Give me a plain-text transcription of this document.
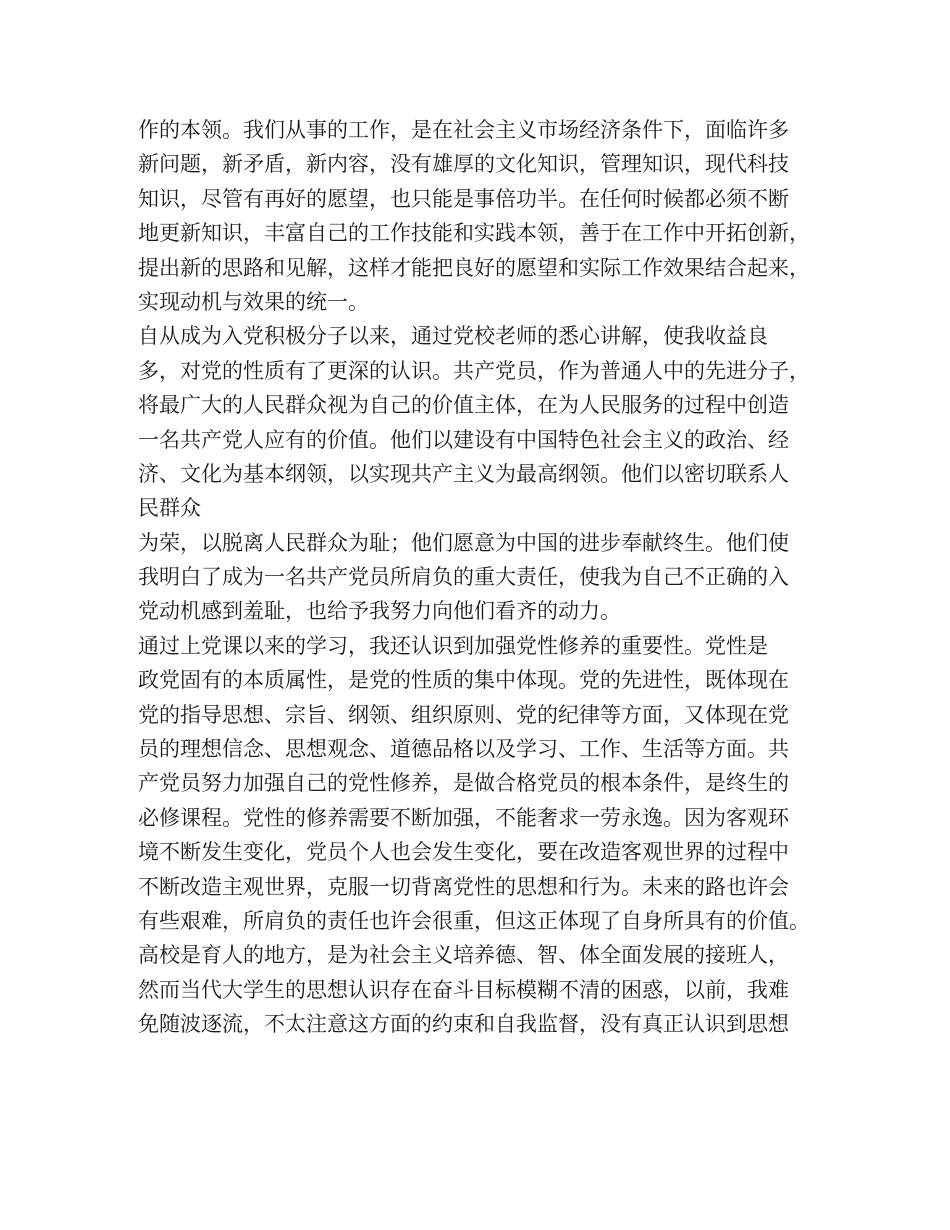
作的本领。我们从事的工作，是在社会主义市场经济条件下，面临许多
新问题，新矛盾，新内容，没有雄厚的文化知识，管理知识，现代科技
知识，尽管有再好的愿望，也只能是事倍功半。在任何时候都必须不断
地更新知识，丰富自己的工作技能和实践本领，善于在工作中开拓创新，
提出新的思路和见解，这样才能把良好的愿望和实际工作效果结合起来，
实现动机与效果的统一。
自从成为入党积极分子以来，通过党校老师的悉心讲解，使我收益良
多，对党的性质有了更深的认识。共产党员，作为普通人中的先进分子，
将最广大的人民群众视为自己的价值主体，在为人民服务的过程中创造
一名共产党人应有的价值。他们以建设有中国特色社会主义的政治、经
济、文化为基本纲领，以实现共产主义为最高纲领。他们以密切联系人
民群众
为荣，以脱离人民群众为耻；他们愿意为中国的进步奉献终生。他们使
我明白了成为一名共产党员所肩负的重大责任，使我为自己不正确的入
党动机感到羞耻，也给予我努力向他们看齐的动力。
通过上党课以来的学习，我还认识到加强党性修养的重要性。党性是
政党固有的本质属性，是党的性质的集中体现。党的先进性，既体现在
党的指导思想、宗旨、纲领、组织原则、党的纪律等方面，又体现在党
员的理想信念、思想观念、道德品格以及学习、工作、生活等方面。共
产党员努力加强自己的党性修养，是做合格党员的根本条件，是终生的
必修课程。党性的修养需要不断加强，不能奢求一劳永逸。因为客观环
境不断发生变化，党员个人也会发生变化，要在改造客观世界的过程中
不断改造主观世界，克服一切背离党性的思想和行为。未来的路也许会
有些艰难，所肩负的责任也许会很重，但这正体现了自身所具有的价值。
高校是育人的地方，是为社会主义培养德、智、体全面发展的接班人，
然而当代大学生的思想认识存在奋斗目标模糊不清的困惑，以前，我难
免随波逐流，不太注意这方面的约束和自我监督，没有真正认识到思想
